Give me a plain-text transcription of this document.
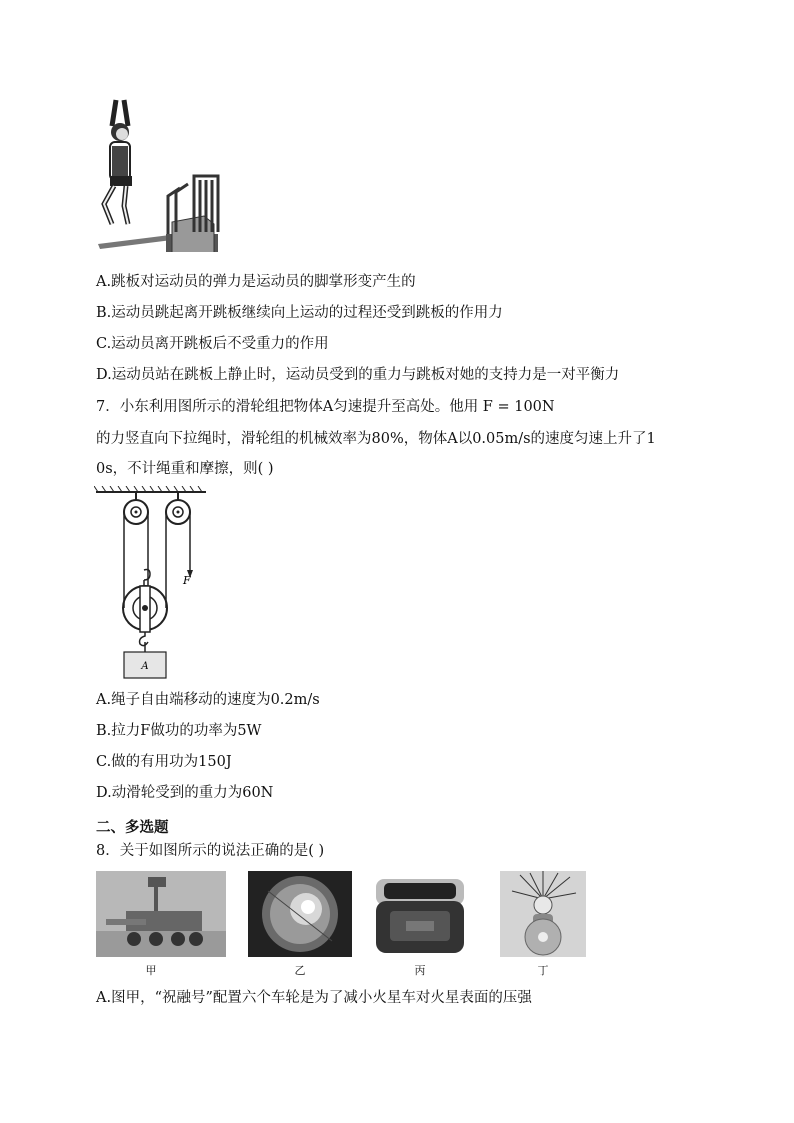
A.跳板对运动员的弹力是运动员的脚掌形变产生的
B.运动员跳起离开跳板继续向上运动的过程还受到跳板的作用力
C.运动员离开跳板后不受重力的作用
D.运动员站在跳板上静止时，运动员受到的重力与跳板对她的支持力是一对平衡力
7．小东利用图所示的滑轮组把物体A匀速提升至高处。他用 F = 100N
的力竖直向下拉绳时，滑轮组的机械效率为80%，物体A以0.05m/s的速度匀速上升了1
0s，不计绳重和摩擦，则( )
F
A
A.绳子自由端移动的速度为0.2m/s
B.拉力F做功的功率为5W
C.做的有用功为150J
D.动滑轮受到的重力为60N
二、多选题
8．关于如图所示的说法正确的是( )
甲	乙	丙	丁
A.图甲，“祝融号”配置六个车轮是为了减小火星车对火星表面的压强
